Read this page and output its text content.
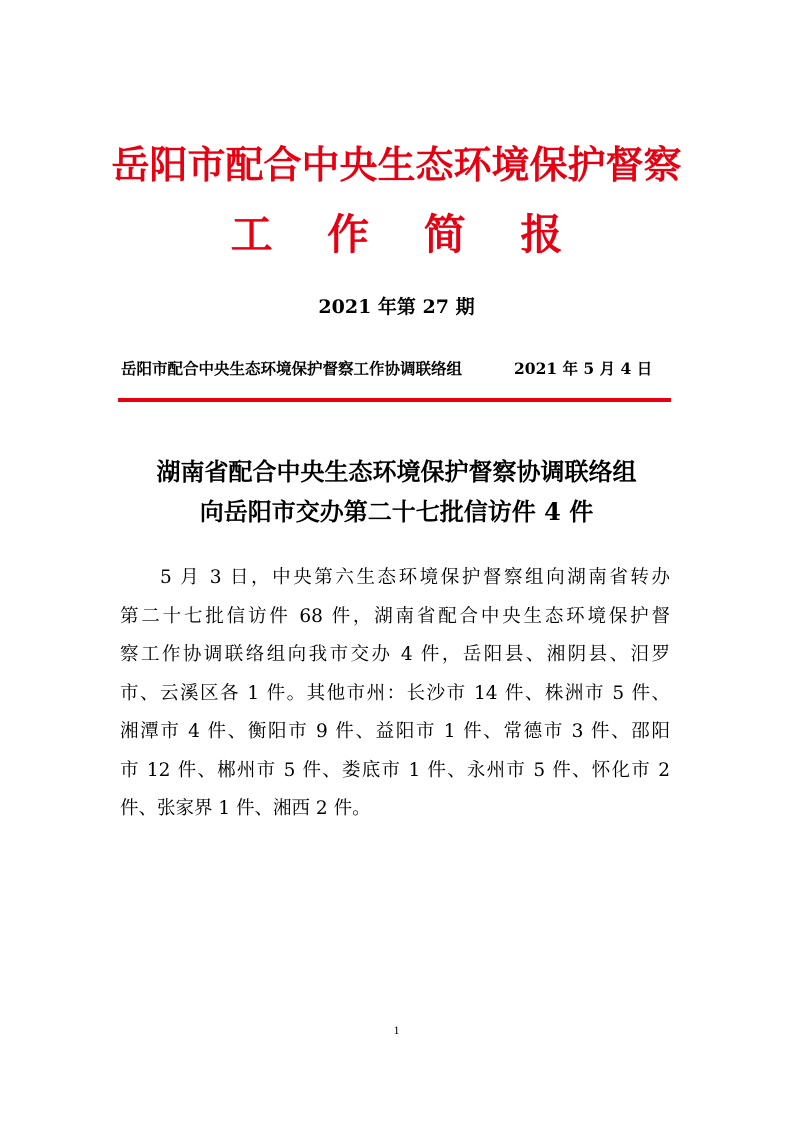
岳阳市配合中央生态环境保护督察
工 作 简 报
2021 年第 27 期
岳阳市配合中央生态环境保护督察工作协调联络组	2021 年 5 月 4 日
湖南省配合中央生态环境保护督察协调联络组
向岳阳市交办第二十七批信访件 4 件
5 月 3 日，中央第六生态环境保护督察组向湖南省转办
第二十七批信访件 68 件，湖南省配合中央生态环境保护督
察工作协调联络组向我市交办 4 件，岳阳县、湘阴县、汨罗
市、云溪区各 1 件。其他市州：长沙市 14 件、株洲市 5 件、
湘潭市 4 件、衡阳市 9 件、益阳市 1 件、常德市 3 件、邵阳
市 12 件、郴州市 5 件、娄底市 1 件、永州市 5 件、怀化市 2
件、张家界 1 件、湘西 2 件。
1
